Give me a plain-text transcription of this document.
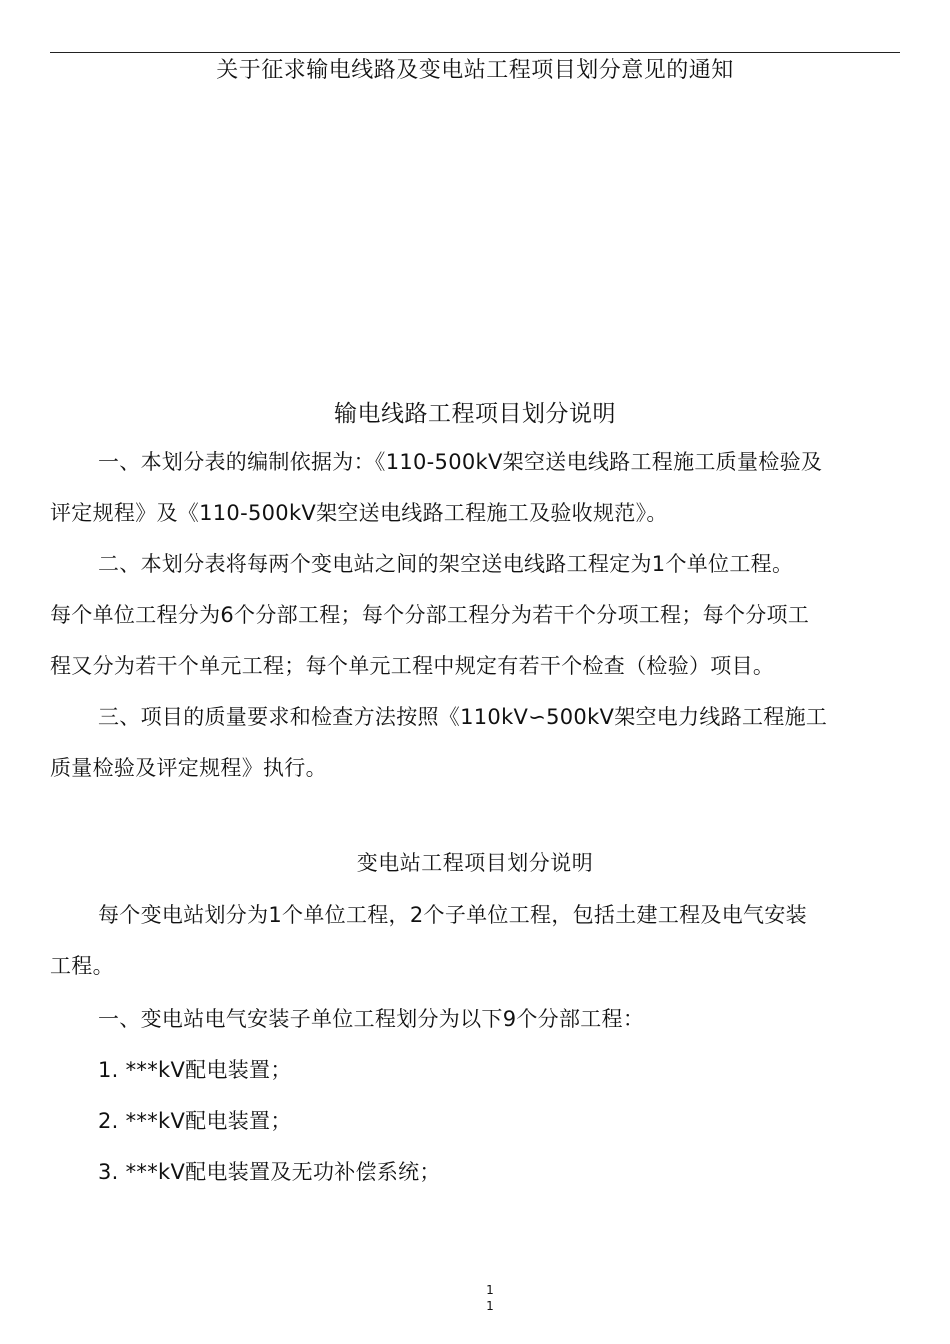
关于征求输电线路及变电站工程项目划分意见的通知
输电线路工程项目划分说明
一、本划分表的编制依据为：《110-500kV架空送电线路工程施工质量检验及
评定规程》及《110-500kV架空送电线路工程施工及验收规范》。
二、本划分表将每两个变电站之间的架空送电线路工程定为1个单位工程。
每个单位工程分为6个分部工程；每个分部工程分为若干个分项工程；每个分项工
程又分为若干个单元工程；每个单元工程中规定有若干个检查（检验）项目。
三、项目的质量要求和检查方法按照《110kV∽500kV架空电力线路工程施工
质量检验及评定规程》执行。
变电站工程项目划分说明
每个变电站划分为1个单位工程，2个子单位工程，包括土建工程及电气安装
工程。
一、变电站电气安装子单位工程划分为以下9个分部工程：
1. ***kV配电装置；
2. ***kV配电装置；
3. ***kV配电装置及无功补偿系统；
1
1
